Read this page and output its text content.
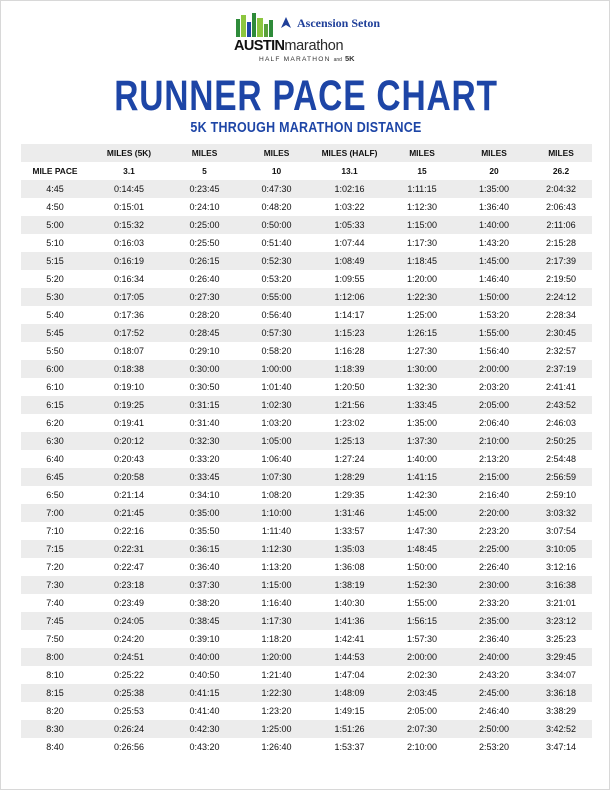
Ascension Seton
AUSTINmarathon
HALF MARATHON and 5K
RUNNER PACE CHART
5K THROUGH MARATHON DISTANCE
	MILES (5K)	MILES	MILES	MILES (HALF)	MILES	MILES	MILES
MILE PACE	3.1	5	10	13.1	15	20	26.2
4:45	0:14:45	0:23:45	0:47:30	1:02:16	1:11:15	1:35:00	2:04:32
4:50	0:15:01	0:24:10	0:48:20	1:03:22	1:12:30	1:36:40	2:06:43
5:00	0:15:32	0:25:00	0:50:00	1:05:33	1:15:00	1:40:00	2:11:06
5:10	0:16:03	0:25:50	0:51:40	1:07:44	1:17:30	1:43:20	2:15:28
5:15	0:16:19	0:26:15	0:52:30	1:08:49	1:18:45	1:45:00	2:17:39
5:20	0:16:34	0:26:40	0:53:20	1:09:55	1:20:00	1:46:40	2:19:50
5:30	0:17:05	0:27:30	0:55:00	1:12:06	1:22:30	1:50:00	2:24:12
5:40	0:17:36	0:28:20	0:56:40	1:14:17	1:25:00	1:53:20	2:28:34
5:45	0:17:52	0:28:45	0:57:30	1:15:23	1:26:15	1:55:00	2:30:45
5:50	0:18:07	0:29:10	0:58:20	1:16:28	1:27:30	1:56:40	2:32:57
6:00	0:18:38	0:30:00	1:00:00	1:18:39	1:30:00	2:00:00	2:37:19
6:10	0:19:10	0:30:50	1:01:40	1:20:50	1:32:30	2:03:20	2:41:41
6:15	0:19:25	0:31:15	1:02:30	1:21:56	1:33:45	2:05:00	2:43:52
6:20	0:19:41	0:31:40	1:03:20	1:23:02	1:35:00	2:06:40	2:46:03
6:30	0:20:12	0:32:30	1:05:00	1:25:13	1:37:30	2:10:00	2:50:25
6:40	0:20:43	0:33:20	1:06:40	1:27:24	1:40:00	2:13:20	2:54:48
6:45	0:20:58	0:33:45	1:07:30	1:28:29	1:41:15	2:15:00	2:56:59
6:50	0:21:14	0:34:10	1:08:20	1:29:35	1:42:30	2:16:40	2:59:10
7:00	0:21:45	0:35:00	1:10:00	1:31:46	1:45:00	2:20:00	3:03:32
7:10	0:22:16	0:35:50	1:11:40	1:33:57	1:47:30	2:23:20	3:07:54
7:15	0:22:31	0:36:15	1:12:30	1:35:03	1:48:45	2:25:00	3:10:05
7:20	0:22:47	0:36:40	1:13:20	1:36:08	1:50:00	2:26:40	3:12:16
7:30	0:23:18	0:37:30	1:15:00	1:38:19	1:52:30	2:30:00	3:16:38
7:40	0:23:49	0:38:20	1:16:40	1:40:30	1:55:00	2:33:20	3:21:01
7:45	0:24:05	0:38:45	1:17:30	1:41:36	1:56:15	2:35:00	3:23:12
7:50	0:24:20	0:39:10	1:18:20	1:42:41	1:57:30	2:36:40	3:25:23
8:00	0:24:51	0:40:00	1:20:00	1:44:53	2:00:00	2:40:00	3:29:45
8:10	0:25:22	0:40:50	1:21:40	1:47:04	2:02:30	2:43:20	3:34:07
8:15	0:25:38	0:41:15	1:22:30	1:48:09	2:03:45	2:45:00	3:36:18
8:20	0:25:53	0:41:40	1:23:20	1:49:15	2:05:00	2:46:40	3:38:29
8:30	0:26:24	0:42:30	1:25:00	1:51:26	2:07:30	2:50:00	3:42:52
8:40	0:26:56	0:43:20	1:26:40	1:53:37	2:10:00	2:53:20	3:47:14
